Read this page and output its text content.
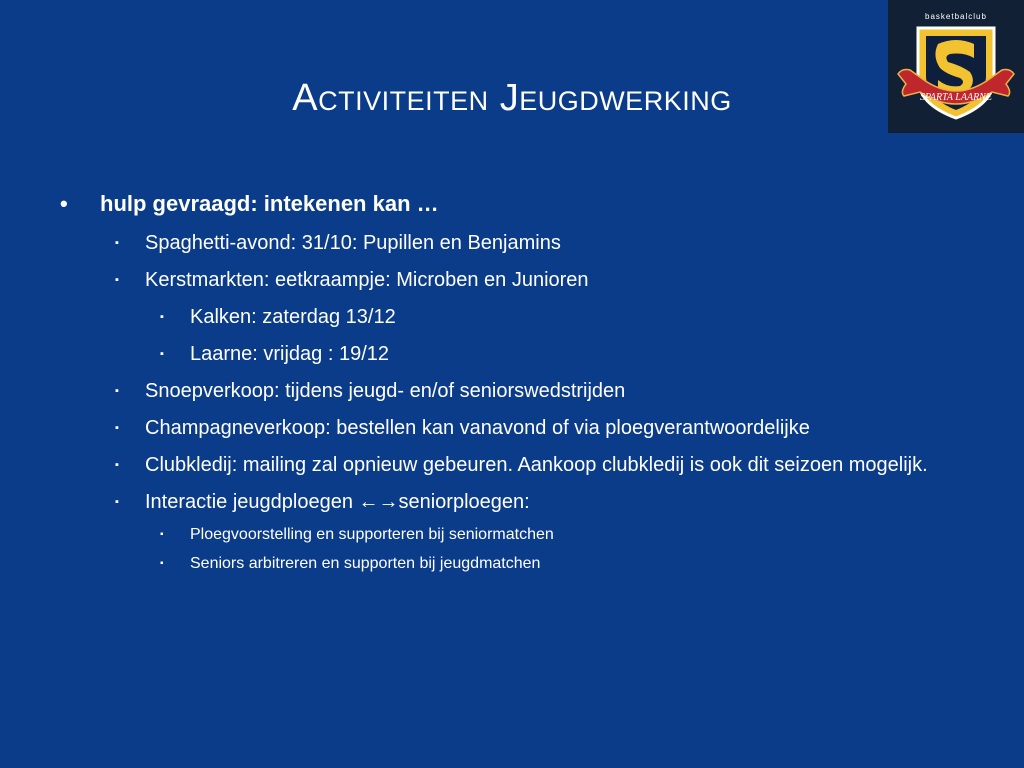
basketbalclub
SPARTA LAARNE
Activiteiten Jeugdwerking
•	hulp gevraagd: intekenen kan …
▪	Spaghetti-avond: 31/10: Pupillen en Benjamins
▪	Kerstmarkten: eetkraampje: Microben en Junioren
▪	Kalken: zaterdag 13/12
▪	Laarne: vrijdag : 19/12
▪	Snoepverkoop: tijdens jeugd- en/of seniorswedstrijden
▪	Champagneverkoop: bestellen kan vanavond of via ploegverantwoordelijke
▪	Clubkledij: mailing zal opnieuw gebeuren. Aankoop clubkledij is ook dit seizoen mogelijk.
▪	Interactie jeugdploegen ←→seniorploegen:
▪	Ploegvoorstelling en supporteren bij seniormatchen
▪	Seniors arbitreren en supporten bij jeugdmatchen
